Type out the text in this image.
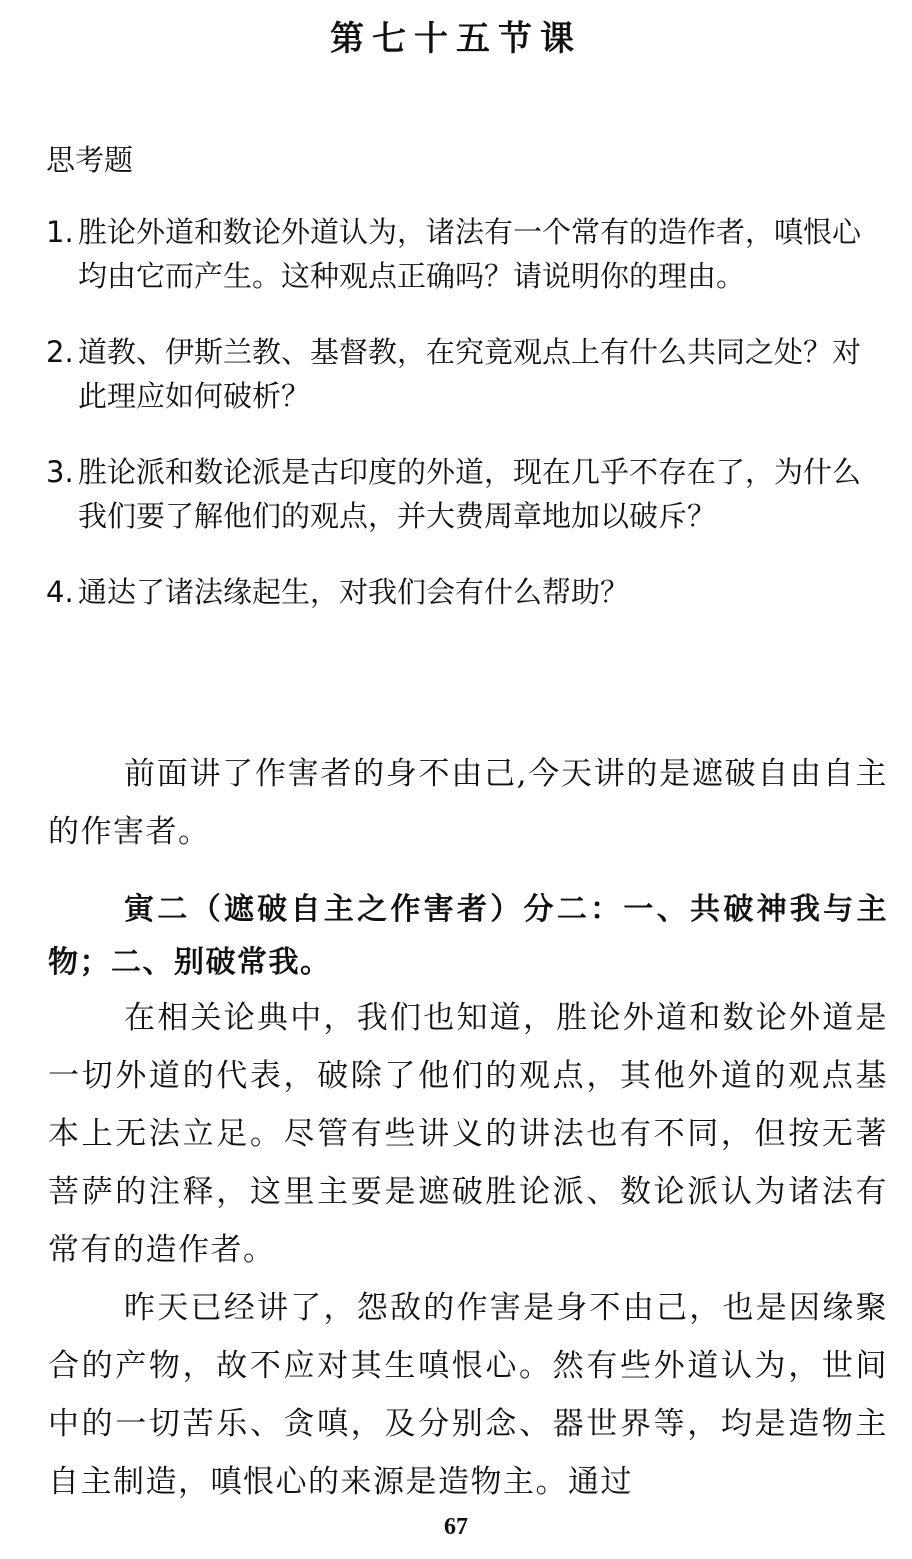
第七十五节课
思考题
1. 胜论外道和数论外道认为，诸法有一个常有的造作者，嗔恨心均由它而产生。这种观点正确吗？请说明你的理由。
2. 道教、伊斯兰教、基督教，在究竟观点上有什么共同之处？对此理应如何破析？
3. 胜论派和数论派是古印度的外道，现在几乎不存在了，为什么我们要了解他们的观点，并大费周章地加以破斥？
4. 通达了诸法缘起生，对我们会有什么帮助？

前面讲了作害者的身不由己,今天讲的是遮破自由自主的作害者。

寅二（遮破自主之作害者）分二：一、共破神我与主物；二、别破常我。

在相关论典中，我们也知道，胜论外道和数论外道是一切外道的代表，破除了他们的观点，其他外道的观点基本上无法立足。尽管有些讲义的讲法也有不同，但按无著菩萨的注释，这里主要是遮破胜论派、数论派认为诸法有常有的造作者。

昨天已经讲了，怨敌的作害是身不由己，也是因缘聚合的产物，故不应对其生嗔恨心。然有些外道认为，世间中的一切苦乐、贪嗔，及分别念、器世界等，均是造物主自主制造，嗔恨心的来源是造物主。通过

67
